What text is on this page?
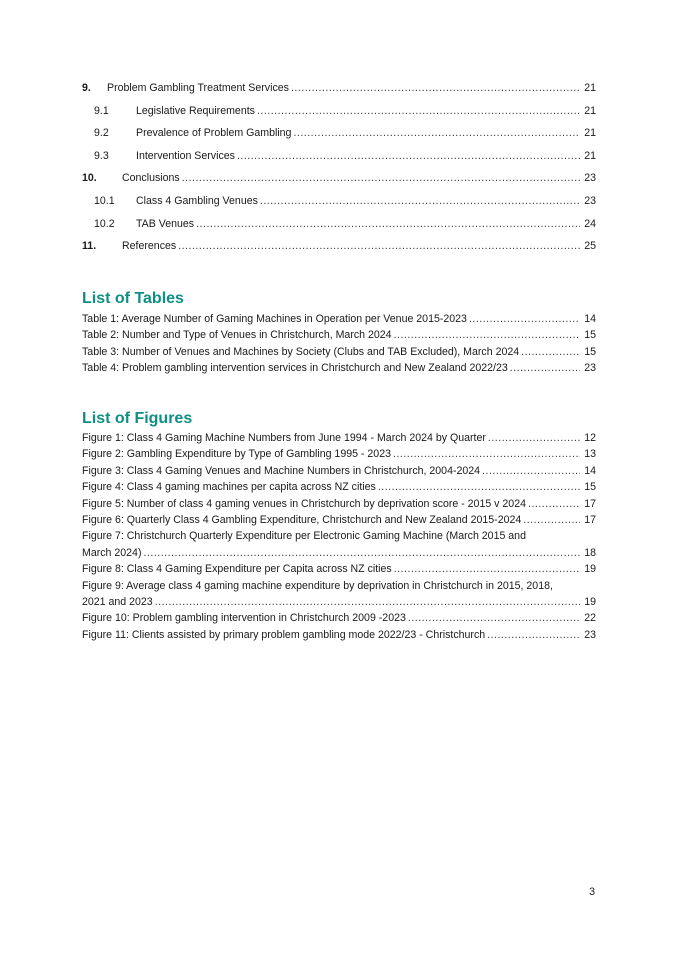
9.	Problem Gambling Treatment Services .....	21
9.1	Legislative Requirements .....	21
9.2	Prevalence of Problem Gambling .....	21
9.3	Intervention Services .....	21
10.	Conclusions .....	23
10.1	Class 4 Gambling Venues .....	23
10.2	TAB Venues .....	24
11.	References .....	25
List of Tables
Table 1: Average Number of Gaming Machines in Operation per Venue 2015-2023 .....	14
Table 2: Number and Type of Venues in Christchurch, March 2024 .....	15
Table 3: Number of Venues and Machines by Society (Clubs and TAB Excluded), March 2024 .....	15
Table 4: Problem gambling intervention services in Christchurch and New Zealand 2022/23 .....	23
List of Figures
Figure 1: Class 4 Gaming Machine Numbers from June 1994 - March 2024 by Quarter .....	12
Figure 2: Gambling Expenditure by Type of Gambling 1995 - 2023 .....	13
Figure 3: Class 4 Gaming Venues and Machine Numbers in Christchurch, 2004-2024 .....	14
Figure 4: Class 4 gaming machines per capita across NZ cities .....	15
Figure 5: Number of class 4 gaming venues in Christchurch by deprivation score - 2015 v 2024 .....	17
Figure 6: Quarterly Class 4 Gambling Expenditure, Christchurch and New Zealand 2015-2024 .....	17
Figure 7: Christchurch Quarterly Expenditure per Electronic Gaming Machine (March 2015 and
March 2024) .....	18
Figure 8: Class 4 Gaming Expenditure per Capita across NZ cities .....	19
Figure 9: Average class 4 gaming machine expenditure by deprivation in Christchurch in 2015, 2018,
2021 and 2023 .....	19
Figure 10: Problem gambling intervention in Christchurch 2009 -2023 .....	22
Figure 11: Clients assisted by primary problem gambling mode 2022/23 - Christchurch .....	23
3
